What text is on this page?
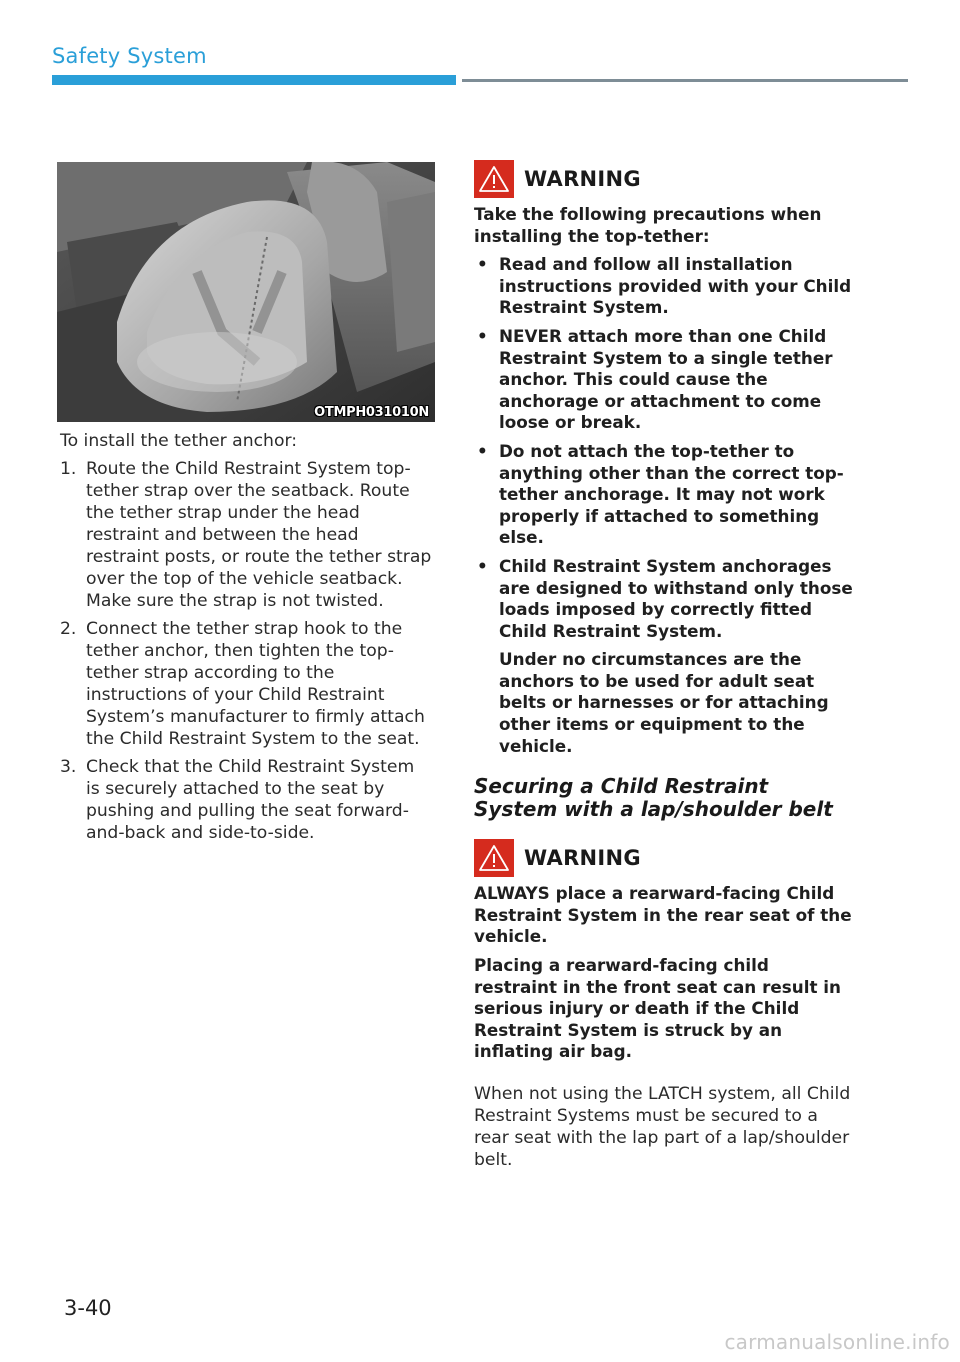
Safety System
OTMPH031010N

To install the tether anchor:

1. Route the Child Restraint System top-tether strap over the seatback. Route the tether strap under the head restraint and between the head restraint posts, or route the tether strap over the top of the vehicle seatback. Make sure the strap is not twisted.
2. Connect the tether strap hook to the tether anchor, then tighten the top-tether strap according to the instructions of your Child Restraint System’s manufacturer to firmly attach the Child Restraint System to the seat.
3. Check that the Child Restraint System is securely attached to the seat by pushing and pulling the seat forward-and-back and side-to-side.
WARNING

Take the following precautions when installing the top-tether:

• Read and follow all installation instructions provided with your Child Restraint System.

• NEVER attach more than one Child Restraint System to a single tether anchor. This could cause the anchorage or attachment to come loose or break.

• Do not attach the top-tether to anything other than the correct top-tether anchorage. It may not work properly if attached to something else.

• Child Restraint System anchorages are designed to withstand only those loads imposed by correctly fitted Child Restraint System.

Under no circumstances are the anchors to be used for adult seat belts or harnesses or for attaching other items or equipment to the vehicle.

Securing a Child Restraint System with a lap/shoulder belt
WARNING

ALWAYS place a rearward-facing Child Restraint System in the rear seat of the vehicle.

Placing a rearward-facing child restraint in the front seat can result in serious injury or death if the Child Restraint System is struck by an inflating air bag.

When not using the LATCH system, all Child Restraint Systems must be secured to a rear seat with the lap part of a lap/shoulder belt.

3-40
carmanualsonline.info
